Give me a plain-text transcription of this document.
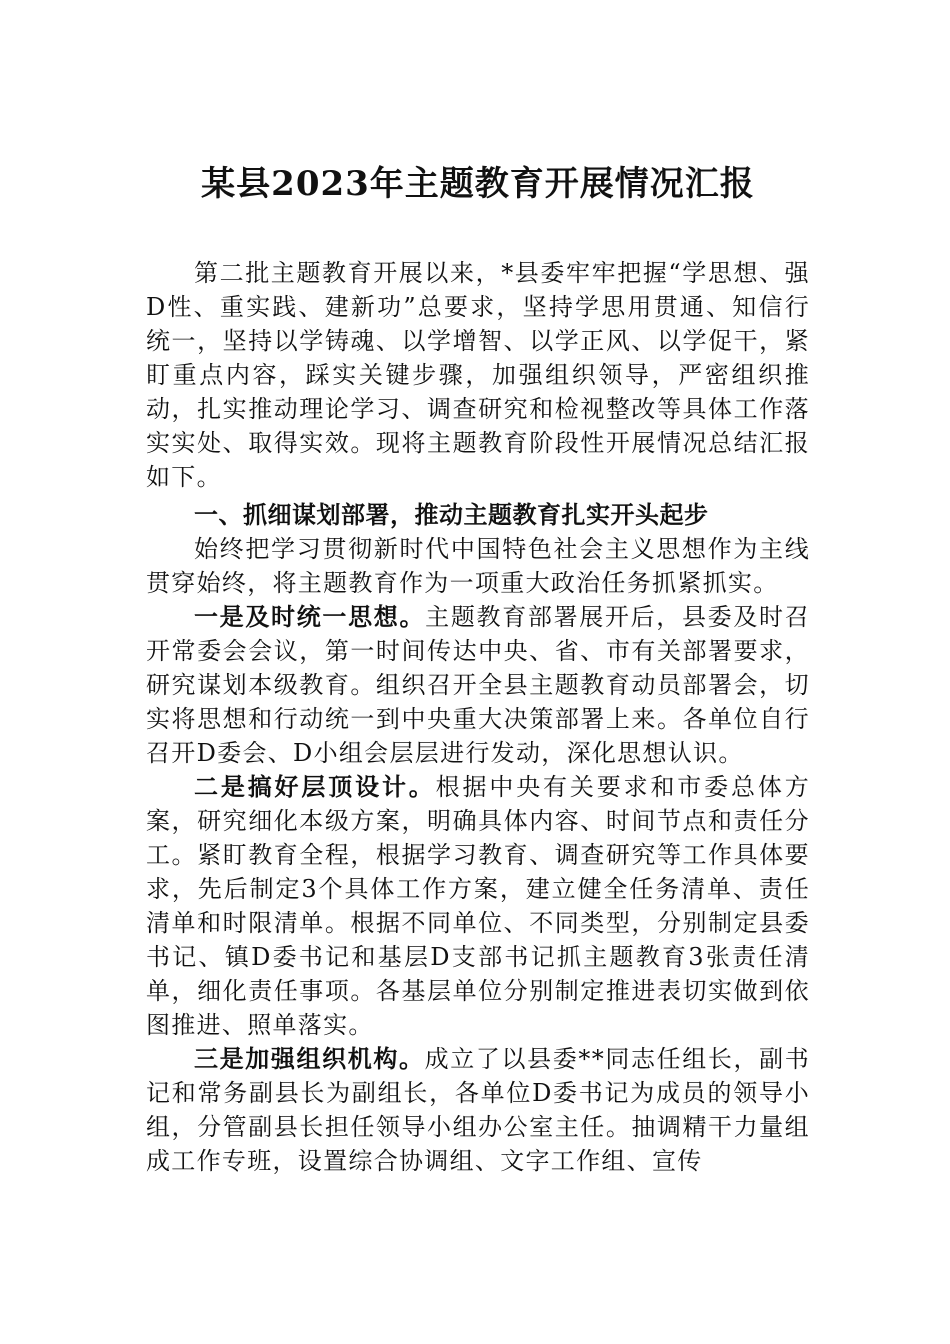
某县2023年主题教育开展情况汇报

第二批主题教育开展以来，*县委牢牢把握“学思想、强D性、重实践、建新功”总要求，坚持学思用贯通、知信行统一，坚持以学铸魂、以学增智、以学正风、以学促干，紧盯重点内容，踩实关键步骤，加强组织领导，严密组织推动，扎实推动理论学习、调查研究和检视整改等具体工作落实实处、取得实效。现将主题教育阶段性开展情况总结汇报如下。

一、抓细谋划部署，推动主题教育扎实开头起步

始终把学习贯彻新时代中国特色社会主义思想作为主线贯穿始终，将主题教育作为一项重大政治任务抓紧抓实。

一是及时统一思想。主题教育部署展开后，县委及时召开常委会会议，第一时间传达中央、省、市有关部署要求，研究谋划本级教育。组织召开全县主题教育动员部署会，切实将思想和行动统一到中央重大决策部署上来。各单位自行召开D委会、D小组会层层进行发动，深化思想认识。

二是搞好层顶设计。根据中央有关要求和市委总体方案，研究细化本级方案，明确具体内容、时间节点和责任分工。紧盯教育全程，根据学习教育、调查研究等工作具体要求，先后制定3个具体工作方案，建立健全任务清单、责任清单和时限清单。根据不同单位、不同类型，分别制定县委书记、镇D委书记和基层D支部书记抓主题教育3张责任清单，细化责任事项。各基层单位分别制定推进表切实做到依图推进、照单落实。

三是加强组织机构。成立了以县委**同志任组长，副书记和常务副县长为副组长，各单位D委书记为成员的领导小组，分管副县长担任领导小组办公室主任。抽调精干力量组成工作专班，设置综合协调组、文字工作组、宣传
